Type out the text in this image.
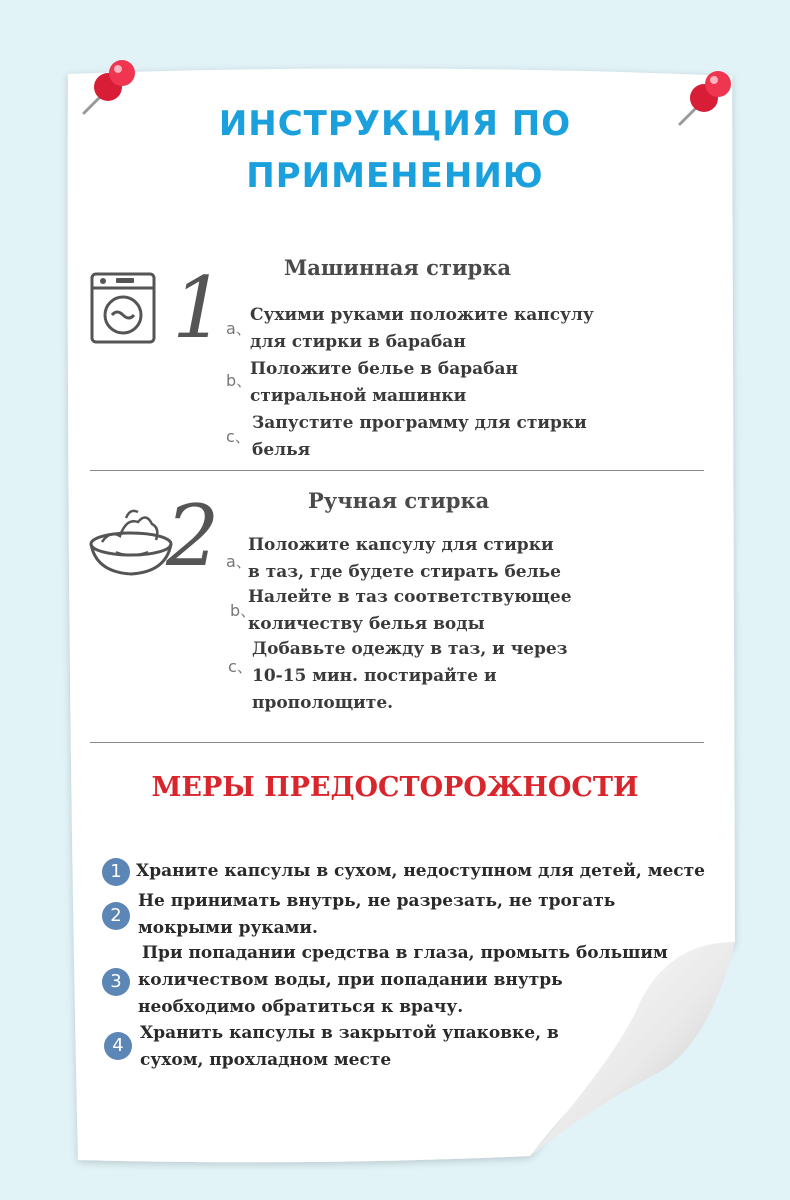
ИНСТРУКЦИЯ ПО
ПРИМЕНЕНИЮ
1	Машинная стирка
a、
Сухими руками положите капсулу
для стирки в барабан
b、
Положите белье в барабан
стиральной машинки
c、
Запустите программу для стирки
белья
2	Ручная стирка
a、
Положите капсулу для стирки
в таз, где будете стирать белье
b、
Налейте в таз соответствующее
количеству белья воды
c、
Добавьте одежду в таз, и через
10-15 мин. постирайте и
прополощите.
МЕРЫ ПРЕДОСТОРОЖНОСТИ
1 Храните капсулы в сухом, недоступном для детей, месте
2
Не принимать внутрь, не разрезать, не трогать
мокрыми руками.
3
При попадании средства в глаза, промыть большим
количеством воды, при попадании внутрь
необходимо обратиться к врачу.
4
Хранить капсулы в закрытой упаковке, в
сухом, прохладном месте
